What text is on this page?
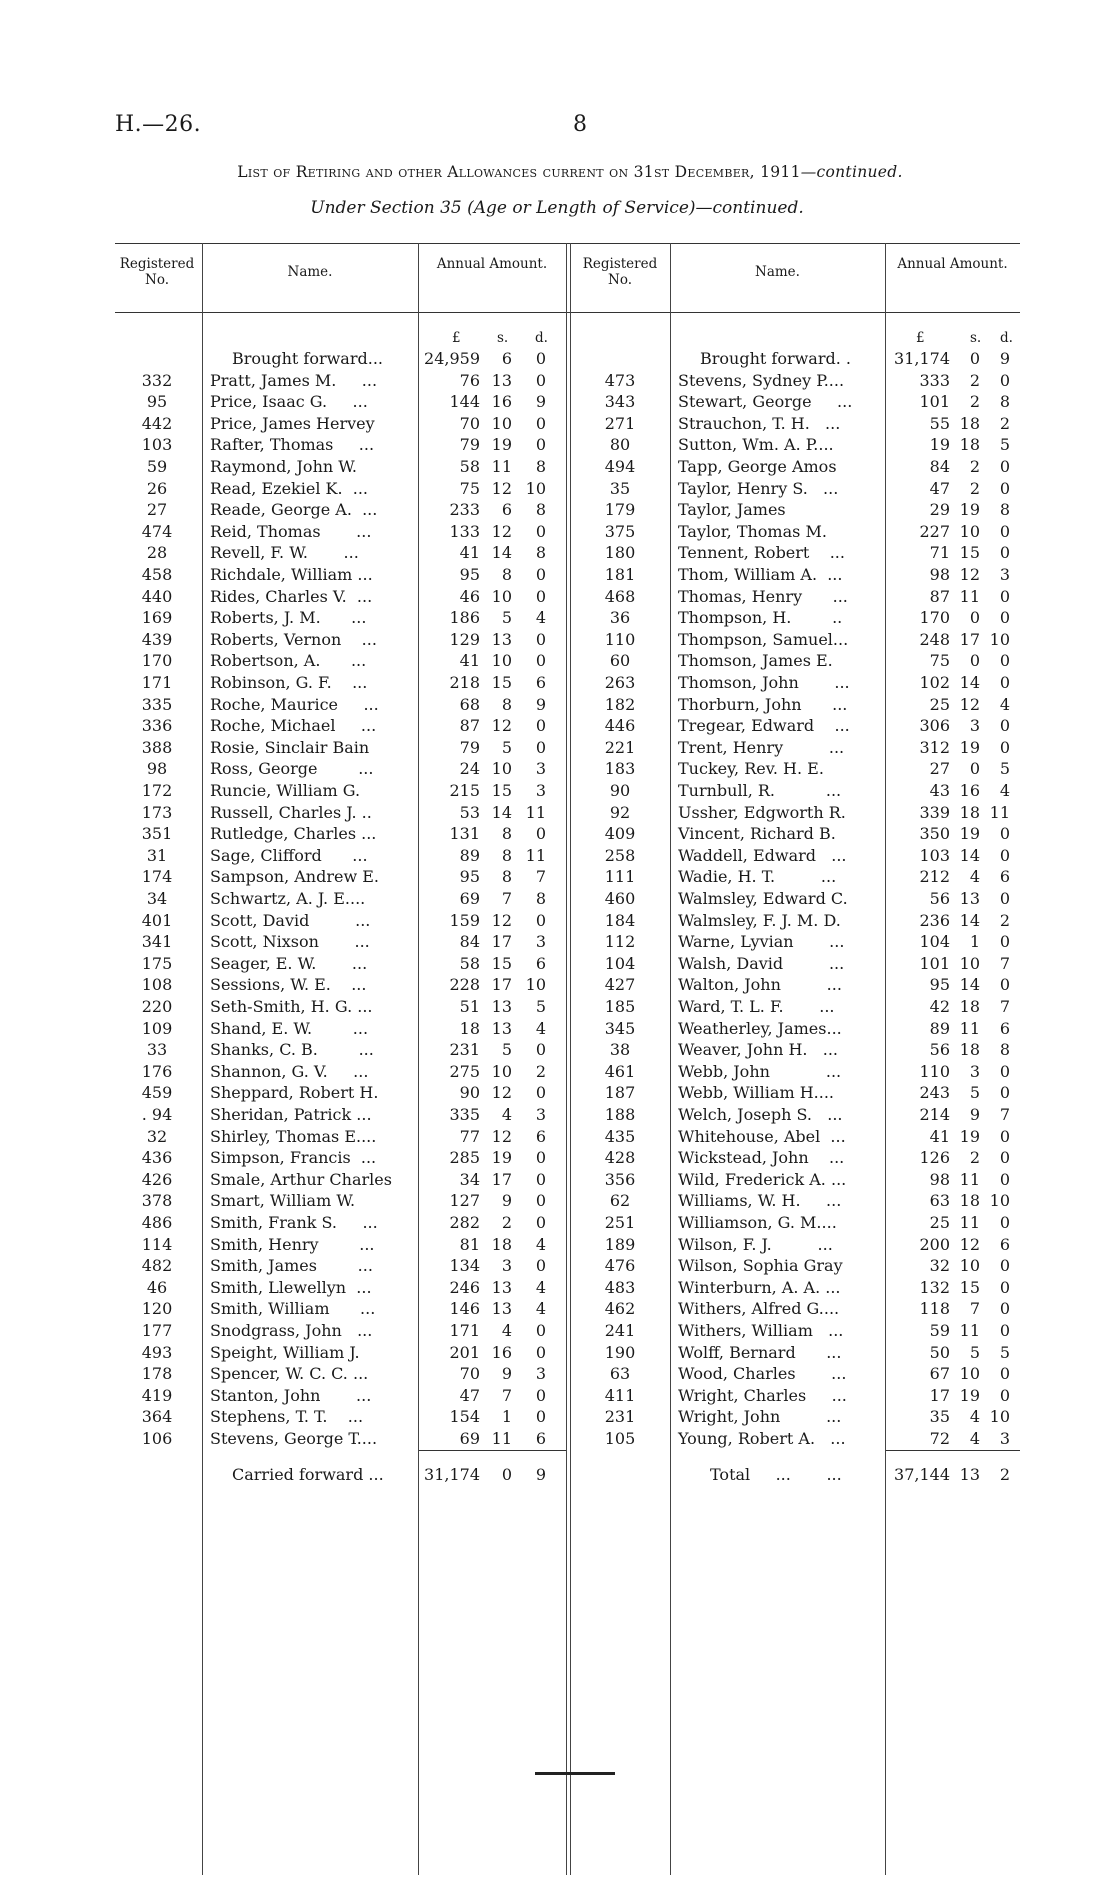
H.—26.	8
List of Retiring and other Allowances current on 31st December, 1911—continued.
Under Section 35 (Age or Length of Service)—continued.
Registered No.	Name.	Annual Amount.	Registered No.	Name.	Annual Amount.
£	s. d.	£	s. d.
Brought forward...	24,959	6	0
332	Pratt, James M.     ...	76 13	0
95	Price, Isaac G.     ...	144 16	9
442	Price, James Hervey	70 10	0
103	Rafter, Thomas     ...	79 19	0
59	Raymond, John W.	58 11	8
26	Read, Ezekiel K.  ...	75 12 10
27	Reade, George A.  ...	233	6	8
474	Reid, Thomas       ...	133 12	0
28	Revell, F. W.       ...	41 14	8
458	Richdale, William ...	95	8	0
440	Rides, Charles V.  ...	46 10	0
169	Roberts, J. M.      ...	186	5	4
439	Roberts, Vernon    ...	129 13	0
170	Robertson, A.      ...	41 10	0
171	Robinson, G. F.    ...	218 15	6
335	Roche, Maurice     ...	68	8	9
336	Roche, Michael     ...	87 12	0
388	Rosie, Sinclair Bain	79	5	0
98	Ross, George        ...	24 10	3
172	Runcie, William G.	215 15	3
173	Russell, Charles J. ..	53 14 11
351	Rutledge, Charles ...	131	8	0
31	Sage, Clifford      ...	89	8 11
174	Sampson, Andrew E.	95	8	7
34	Schwartz, A. J. E....	69	7	8
401	Scott, David         ...	159 12	0
341	Scott, Nixson       ...	84 17	3
175	Seager, E. W.       ...	58 15	6
108	Sessions, W. E.    ...	228 17 10
220	Seth-Smith, H. G. ...	51 13	5
109	Shand, E. W.        ...	18 13	4
33	Shanks, C. B.        ...	231	5	0
176	Shannon, G. V.     ...	275 10	2
459	Sheppard, Robert H.	90 12	0
. 94	Sheridan, Patrick ...	335	4	3
32	Shirley, Thomas E....	77 12	6
436	Simpson, Francis  ...	285 19	0
426	Smale, Arthur Charles	34 17	0
378	Smart, William W.	127	9	0
486	Smith, Frank S.     ...	282	2	0
114	Smith, Henry        ...	81 18	4
482	Smith, James        ...	134	3	0
46	Smith, Llewellyn  ...	246 13	4
120	Smith, William      ...	146 13	4
177	Snodgrass, John   ...	171	4	0
493	Speight, William J.	201 16	0
178	Spencer, W. C. C. ...	70	9	3
419	Stanton, John       ...	47	7	0
364	Stephens, T. T.    ...	154	1	0
106	Stevens, George T....	69 11	6
Carried forward ...	31,174	0	9
Brought forward. .	31,174	0	9
473	Stevens, Sydney P....	333	2	0
343	Stewart, George     ...	101	2	8
271	Strauchon, T. H.   ...	55 18	2
80	Sutton, Wm. A. P....	19 18	5
494	Tapp, George Amos	84	2	0
35	Taylor, Henry S.   ...	47	2	0
179	Taylor, James	29 19	8
375	Taylor, Thomas M.	227 10	0
180	Tennent, Robert    ...	71 15	0
181	Thom, William A.  ...	98 12	3
468	Thomas, Henry      ...	87 11	0
36	Thompson, H.        ..	170	0	0
110	Thompson, Samuel...	248 17 10
60	Thomson, James E.	75	0	0
263	Thomson, John       ...	102 14	0
182	Thorburn, John      ...	25 12	4
446	Tregear, Edward    ...	306	3	0
221	Trent, Henry         ...	312 19	0
183	Tuckey, Rev. H. E.	27	0	5
90	Turnbull, R.          ...	43 16	4
92	Ussher, Edgworth R.	339 18 11
409	Vincent, Richard B.	350 19	0
258	Waddell, Edward   ...	103 14	0
111	Wadie, H. T.         ...	212	4	6
460	Walmsley, Edward C.	56 13	0
184	Walmsley, F. J. M. D.	236 14	2
112	Warne, Lyvian       ...	104	1	0
104	Walsh, David         ...	101 10	7
427	Walton, John         ...	95 14	0
185	Ward, T. L. F.       ...	42 18	7
345	Weatherley, James...	89 11	6
38	Weaver, John H.   ...	56 18	8
461	Webb, John           ...	110	3	0
187	Webb, William H....	243	5	0
188	Welch, Joseph S.   ...	214	9	7
435	Whitehouse, Abel  ...	41 19	0
428	Wickstead, John    ...	126	2	0
356	Wild, Frederick A. ...	98 11	0
62	Williams, W. H.     ...	63 18 10
251	Williamson, G. M....	25 11	0
189	Wilson, F. J.         ...	200 12	6
476	Wilson, Sophia Gray	32 10	0
483	Winterburn, A. A. ...	132 15	0
462	Withers, Alfred G....	118	7	0
241	Withers, William   ...	59 11	0
190	Wolff, Bernard      ...	50	5	5
63	Wood, Charles       ...	67 10	0
411	Wright, Charles     ...	17 19	0
231	Wright, John         ...	35	4 10
105	Young, Robert A.   ...	72	4	3
Total     ...       ...	37,144 13	2
